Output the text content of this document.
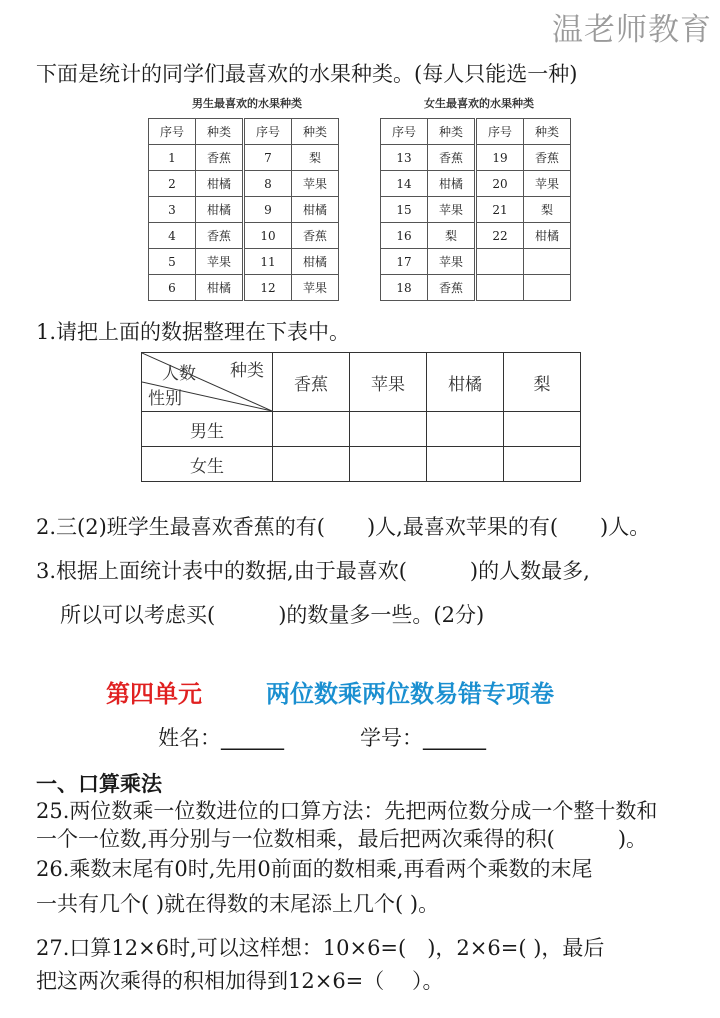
温老师教育
下面是统计的同学们最喜欢的水果种类。(每人只能选一种)
男生最喜欢的水果种类
序号	种类	序号	种类
1	香蕉	7	梨
2	柑橘	8	苹果
3	柑橘	9	柑橘
4	香蕉	10	香蕉
5	苹果	11	柑橘
6	柑橘	12	苹果
女生最喜欢的水果种类
序号	种类	序号	种类
13	香蕉	19	香蕉
14	柑橘	20	苹果
15	苹果	21	梨
16	梨	22	柑橘
17	苹果		
18	香蕉		
1.请把上面的数据整理在下表中。
种类
人数
性别	香蕉	苹果	柑橘	梨
男生				
女生				
2.三(2)班学生最喜欢香蕉的有(　　)人,最喜欢苹果的有(　　)人。
3.根据上面统计表中的数据,由于最喜欢(　　　)的人数最多,
所以可以考虑买(　　　)的数量多一些。(2分)
第四单元	两位数乘两位数易错专项卷
姓名：______	学号：______
一、口算乘法
25.两位数乘一位数进位的口算方法：先把两位数分成一个整十数和
一个一位数,再分别与一位数相乘，最后把两次乘得的积(　　　)。
26.乘数末尾有0时,先用0前面的数相乘,再看两个乘数的末尾
一共有几个( )就在得数的末尾添上几个( )。
27.口算12×6时,可以这样想：10×6=(　)，2×6=( )，最后
把这两次乘得的积相加得到12×6=（　 ）。
